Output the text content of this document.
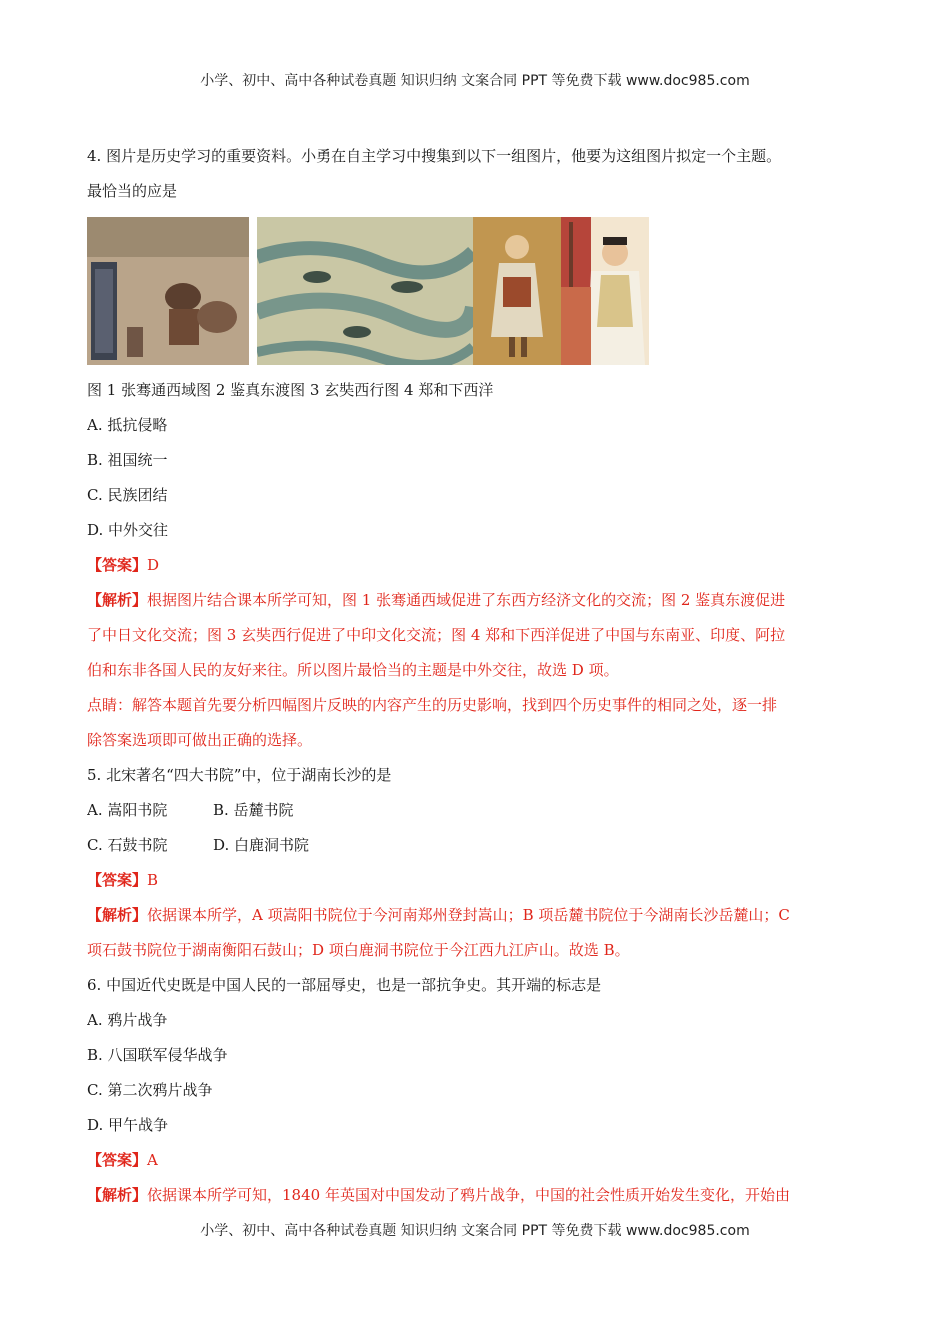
小学、初中、高中各种试卷真题 知识归纳 文案合同 PPT 等免费下载 www.doc985.com
4. 图片是历史学习的重要资料。小勇在自主学习中搜集到以下一组图片，他要为这组图片拟定一个主题。
最恰当的应是
图 1 张骞通西域图 2 鉴真东渡图 3 玄奘西行图 4 郑和下西洋
A. 抵抗侵略
B. 祖国统一
C. 民族团结
D. 中外交往
【答案】D
【解析】根据图片结合课本所学可知，图 1 张骞通西域促进了东西方经济文化的交流；图 2 鉴真东渡促进
了中日文化交流；图 3 玄奘西行促进了中印文化交流；图 4 郑和下西洋促进了中国与东南亚、印度、阿拉
伯和东非各国人民的友好来往。所以图片最恰当的主题是中外交往，故选 D 项。
点睛：解答本题首先要分析四幅图片反映的内容产生的历史影响，找到四个历史事件的相同之处，逐一排
除答案选项即可做出正确的选择。
5. 北宋著名“四大书院”中，位于湖南长沙的是
A. 嵩阳书院	B. 岳麓书院
C. 石鼓书院	D. 白鹿洞书院
【答案】B
【解析】依据课本所学，A 项嵩阳书院位于今河南郑州登封嵩山；B 项岳麓书院位于今湖南长沙岳麓山；C
项石鼓书院位于湖南衡阳石鼓山；D 项白鹿洞书院位于今江西九江庐山。故选 B。
6. 中国近代史既是中国人民的一部屈辱史，也是一部抗争史。其开端的标志是
A. 鸦片战争
B. 八国联军侵华战争
C. 第二次鸦片战争
D. 甲午战争
【答案】A
【解析】依据课本所学可知，1840 年英国对中国发动了鸦片战争，中国的社会性质开始发生变化，开始由
小学、初中、高中各种试卷真题 知识归纳 文案合同 PPT 等免费下载 www.doc985.com
